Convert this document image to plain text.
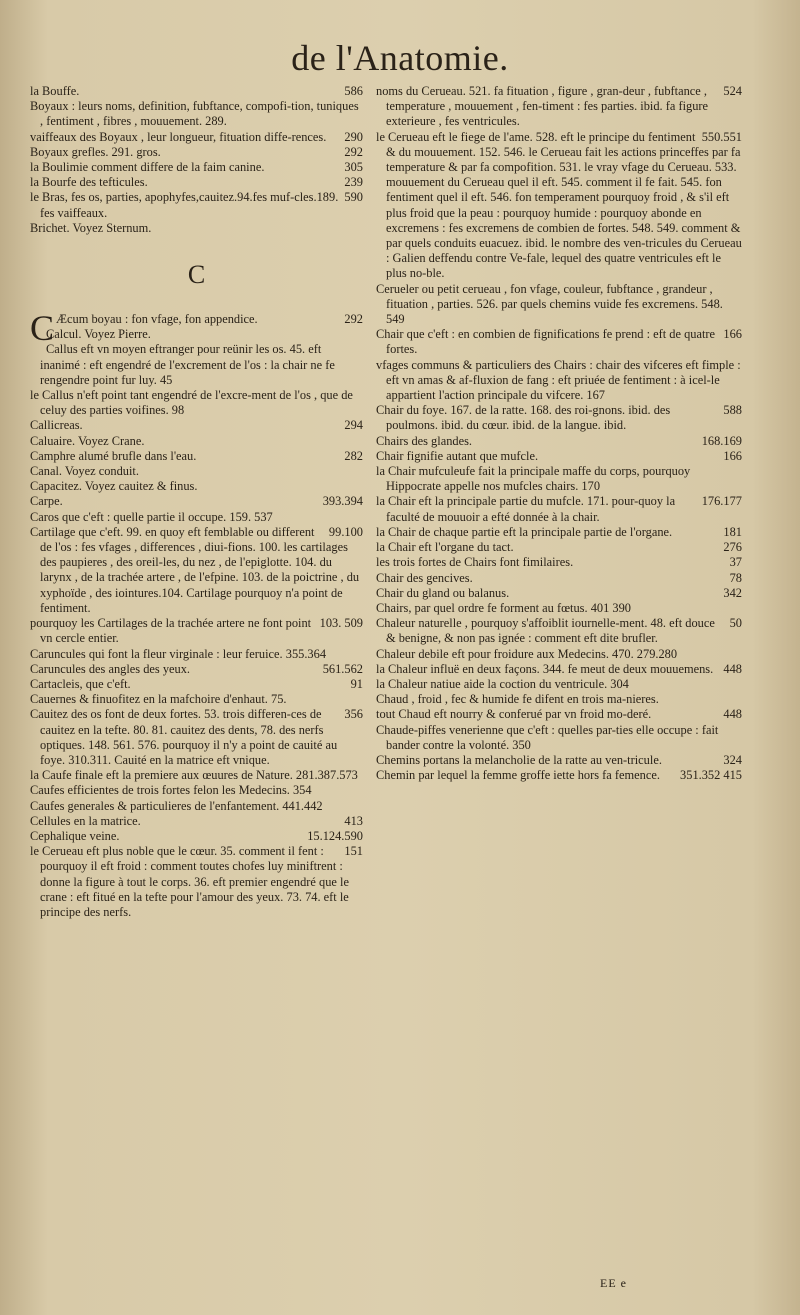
de l'Anatomie.
586
la Bouffe.
Boyaux : leurs noms, definition, fubftance, compofi-tion, tuniques , fentiment , fibres , mouuement. 289.
290
vaiffeaux des Boyaux , leur longueur, fituation diffe-rences.
292
Boyaux grefles. 291. gros.
305
la Boulimie comment differe de la faim canine.
239
la Bourfe des tefticules.
590
le Bras, fes os, parties, apophyfes,cauitez.94.fes muf-cles.189. fes vaiffeaux.
Brichet. Voyez Sternum.
C
292
C Æcum boyau : fon vfage, fon appendice.
Calcul. Voyez Pierre.
Callus eft vn moyen eftranger pour reünir les os. 45. eft inanimé : eft engendré de l'excrement de l'os : la chair ne fe rengendre point fur luy. 45
le Callus n'eft point tant engendré de l'excre-ment de l'os , que de celuy des parties voifines. 98
294
Callicreas.
Caluaire. Voyez Crane.
282
Camphre alumé brufle dans l'eau.
Canal. Voyez conduit.
Capacitez. Voyez cauitez & finus.
393.394
Carpe.
Caros que c'eft : quelle partie il occupe. 159. 537
99.100
Cartilage que c'eft. 99. en quoy eft femblable ou different de l'os : fes vfages , differences , diui-fions. 100. les cartilages des paupieres , des oreil-les, du nez , de l'epiglotte. 104. du larynx , de la trachée artere , de l'efpine. 103. de la poictrine , du xyphoïde , des iointures.104. Cartilage pourquoy n'a point de fentiment.
103. 509
pourquoy les Cartilages de la trachée artere ne font point vn cercle entier.
Caruncules qui font la fleur virginale : leur feruice. 355.364
561.562
Caruncules des angles des yeux.
91
Cartacleis, que c'eft.
Cauernes & finuofitez en la mafchoire d'enhaut. 75.
356
Cauitez des os font de deux fortes. 53. trois differen-ces de cauitez en la tefte. 80. 81. cauitez des dents, 78. des nerfs optiques. 148. 561. 576. pourquoy il n'y a point de cauité au foye. 310.311. Cauité en la matrice eft vnique.
la Caufe finale eft la premiere aux œuures de Nature. 281.387.573
Caufes efficientes de trois fortes felon les Medecins. 354
Caufes generales & particulieres de l'enfantement. 441.442
413
Cellules en la matrice.
15.124.590
Cephalique veine.
151
le Cerueau eft plus noble que le cœur. 35. comment il fent : pourquoy il eft froid : comment toutes chofes luy miniftrent : donne la figure à tout le corps. 36. eft premier engendré que le crane : eft fitué en la tefte pour l'amour des yeux. 73. 74. eft le principe des nerfs.
524
noms du Cerueau. 521. fa fituation , figure , gran-deur , fubftance , temperature , mouuement , fen-timent : fes parties. ibid. fa figure exterieure , fes ventricules.
550.551
le Cerueau eft le fiege de l'ame. 528. eft le principe du fentiment & du mouuement. 152. 546. le Cerueau fait les actions princeffes par fa temperature & par fa compofition. 531. le vray vfage du Cerueau. 533. mouuement du Cerueau quel il eft. 545. comment il fe fait. 545. fon fentiment quel il eft. 546. fon temperament pourquoy froid , & s'il eft plus froid que la peau : pourquoy humide : pourquoy abonde en excremens : fes excremens de combien de fortes. 548. 549. comment & par quels conduits euacuez. ibid. le nombre des ven-tricules du Cerueau : Galien deffendu contre Ve-fale, lequel des quatre ventricules eft le plus no-ble.
Cerueler ou petit cerueau , fon vfage, couleur, fubftance , grandeur , fituation , parties. 526. par quels chemins vuide fes excremens. 548. 549
166
Chair que c'eft : en combien de fignifications fe prend : eft de quatre fortes.
vfages communs & particuliers des Chairs : chair des vifceres eft fimple : eft vn amas & af-fluxion de fang : eft priuée de fentiment : à icel-le appartient l'action principale du vifcere. 167
588
Chair du foye. 167. de la ratte. 168. des roi-gnons. ibid. des poulmons. ibid. du cœur. ibid. de la langue. ibid.
168.169
Chairs des glandes.
166
Chair fignifie autant que mufcle.
la Chair mufculeufe fait la principale maffe du corps, pourquoy Hippocrate appelle nos mufcles chairs. 170
176.177
la Chair eft la principale partie du mufcle. 171. pour-quoy la faculté de mouuoir a efté donnée à la chair.
181
la Chair de chaque partie eft la principale partie de l'organe.
276
la Chair eft l'organe du tact.
37
les trois fortes de Chairs font fimilaires.
78
Chair des gencives.
342
Chair du gland ou balanus.
Chairs, par quel ordre fe forment au fœtus. 401 390
50
Chaleur naturelle , pourquoy s'affoiblit iournelle-ment. 48. eft douce & benigne, & non pas ignée : comment eft dite brufler.
Chaleur debile eft pour froidure aux Medecins. 470. 279.280
448
la Chaleur influë en deux façons. 344. fe meut de deux mouuemens.
la Chaleur natiue aide la coction du ventricule. 304
Chaud , froid , fec & humide fe difent en trois ma-nieres.
448
tout Chaud eft nourry & conferué par vn froid mo-deré.
Chaude-piffes venerienne que c'eft : quelles par-ties elle occupe : fait bander contre la volonté. 350
324
Chemins portans la melancholie de la ratte au ven-tricule.
351.352 415
Chemin par lequel la femme groffe iette hors fa femence.
EE e
